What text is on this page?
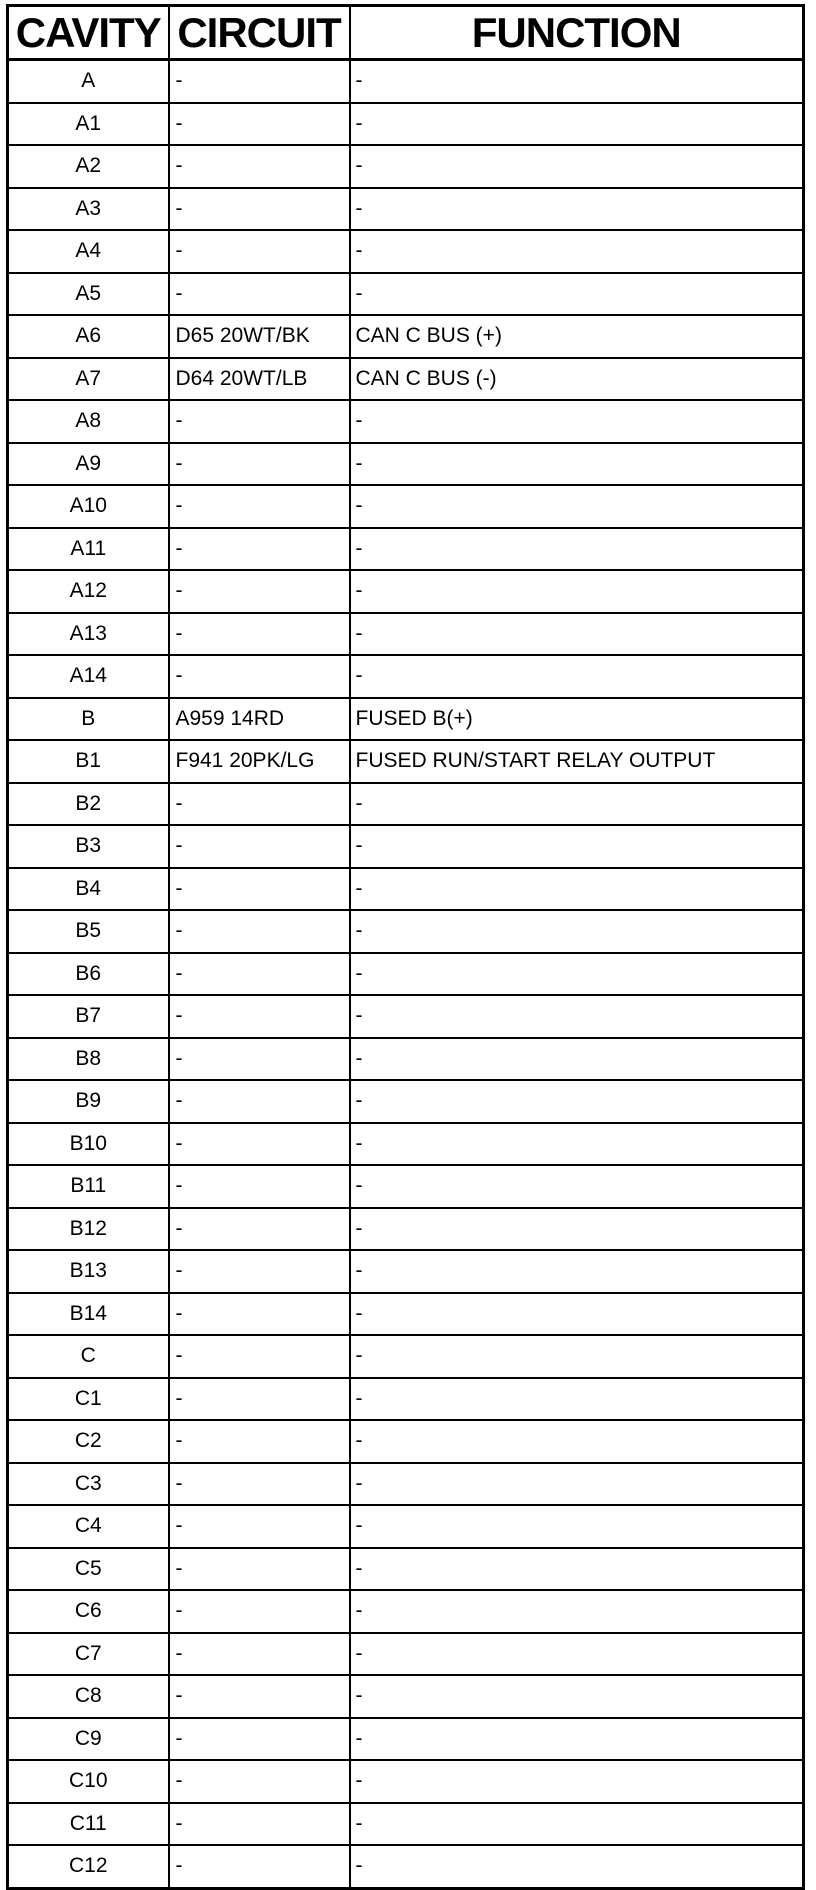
CAVITY	CIRCUIT	FUNCTION
A	-	-
A1	-	-
A2	-	-
A3	-	-
A4	-	-
A5	-	-
A6	D65 20WT/BK	CAN C BUS (+)
A7	D64 20WT/LB	CAN C BUS (-)
A8	-	-
A9	-	-
A10	-	-
A11	-	-
A12	-	-
A13	-	-
A14	-	-
B	A959 14RD	FUSED B(+)
B1	F941 20PK/LG	FUSED RUN/START RELAY OUTPUT
B2	-	-
B3	-	-
B4	-	-
B5	-	-
B6	-	-
B7	-	-
B8	-	-
B9	-	-
B10	-	-
B11	-	-
B12	-	-
B13	-	-
B14	-	-
C	-	-
C1	-	-
C2	-	-
C3	-	-
C4	-	-
C5	-	-
C6	-	-
C7	-	-
C8	-	-
C9	-	-
C10	-	-
C11	-	-
C12	-	-
